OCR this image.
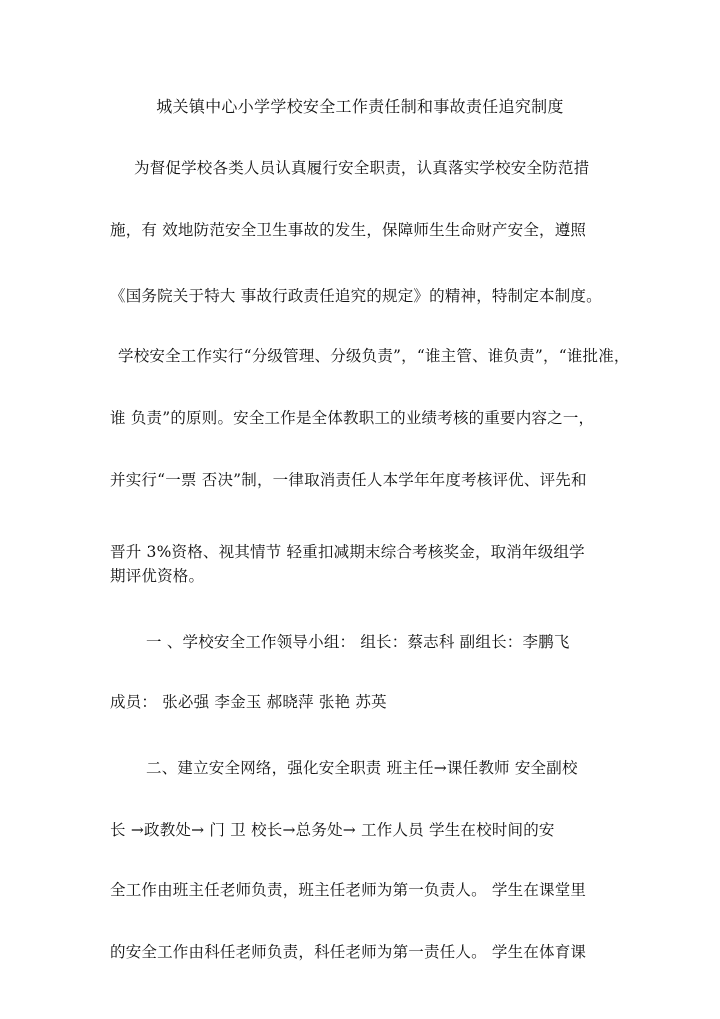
城关镇中心小学学校安全工作责任制和事故责任追究制度
为督促学校各类人员认真履行安全职责，认真落实学校安全防范措
施，有 效地防范安全卫生事故的发生，保障师生生命财产安全，遵照
《国务院关于特大 事故行政责任追究的规定》的精神，特制定本制度。
学校安全工作实行“分级管理、分级负责”，“谁主管、谁负责”，“谁批准，
谁 负责”的原则。安全工作是全体教职工的业绩考核的重要内容之一，
并实行“一票 否决”制，一律取消责任人本学年年度考核评优、评先和
晋升 3%资格、视其情节 轻重扣减期末综合考核奖金，取消年级组学
期评优资格。
一 、学校安全工作领导小组： 组长：蔡志科 副组长：李鹏飞
成员： 张必强 李金玉 郝晓萍 张艳 苏英
二、建立安全网络，强化安全职责 班主任→课任教师 安全副校
长 →政教处→ 门 卫 校长→总务处→ 工作人员 学生在校时间的安
全工作由班主任老师负责，班主任老师为第一负责人。 学生在课堂里
的安全工作由科任老师负责，科任老师为第一责任人。 学生在体育课
